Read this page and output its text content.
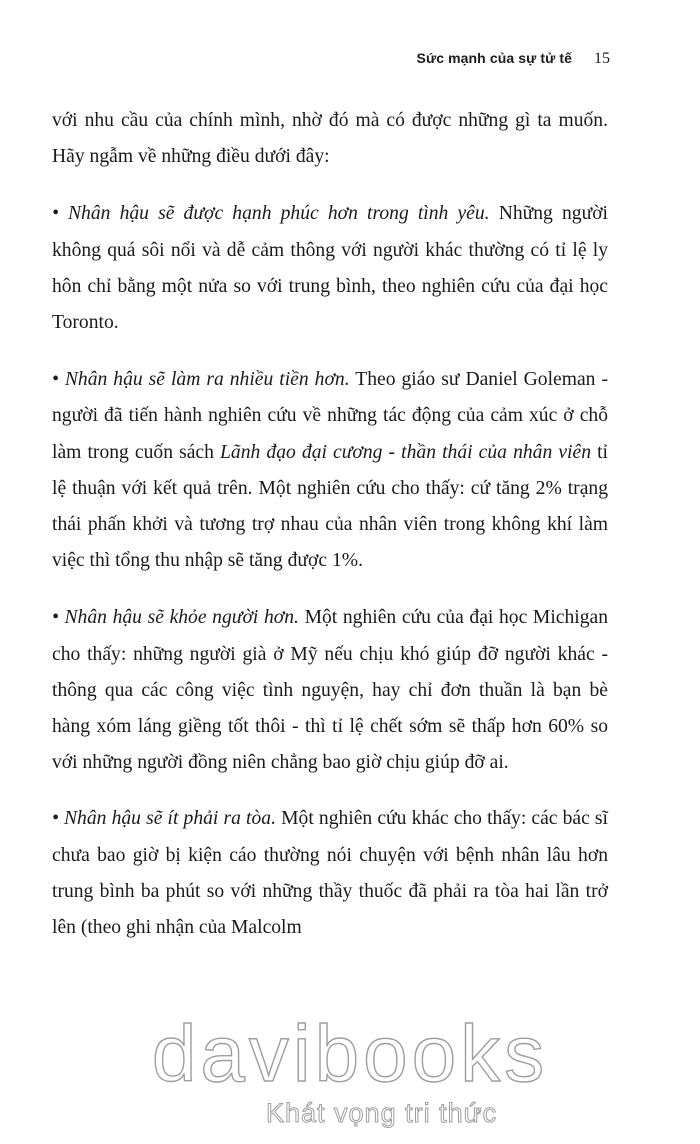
Sức mạnh của sự tử tế 15

với nhu cầu của chính mình, nhờ đó mà có được những gì ta muốn. Hãy ngẫm về những điều dưới đây:

• Nhân hậu sẽ được hạnh phúc hơn trong tình yêu. Những người không quá sôi nổi và dễ cảm thông với người khác thường có tỉ lệ ly hôn chỉ bằng một nửa so với trung bình, theo nghiên cứu của đại học Toronto.

• Nhân hậu sẽ làm ra nhiều tiền hơn. Theo giáo sư Daniel Goleman - người đã tiến hành nghiên cứu về những tác động của cảm xúc ở chỗ làm trong cuốn sách Lãnh đạo đại cương - thần thái của nhân viên tỉ lệ thuận với kết quả trên. Một nghiên cứu cho thấy: cứ tăng 2% trạng thái phấn khởi và tương trợ nhau của nhân viên trong không khí làm việc thì tổng thu nhập sẽ tăng được 1%.

• Nhân hậu sẽ khỏe người hơn. Một nghiên cứu của đại học Michigan cho thấy: những người già ở Mỹ nếu chịu khó giúp đỡ người khác - thông qua các công việc tình nguyện, hay chỉ đơn thuần là bạn bè hàng xóm láng giềng tốt thôi - thì tỉ lệ chết sớm sẽ thấp hơn 60% so với những người đồng niên chẳng bao giờ chịu giúp đỡ ai.

• Nhân hậu sẽ ít phải ra tòa. Một nghiên cứu khác cho thấy: các bác sĩ chưa bao giờ bị kiện cáo thường nói chuyện với bệnh nhân lâu hơn trung bình ba phút so với những thầy thuốc đã phải ra tòa hai lần trở lên (theo ghi nhận của Malcolm

davibooks
Khát vọng tri thức
